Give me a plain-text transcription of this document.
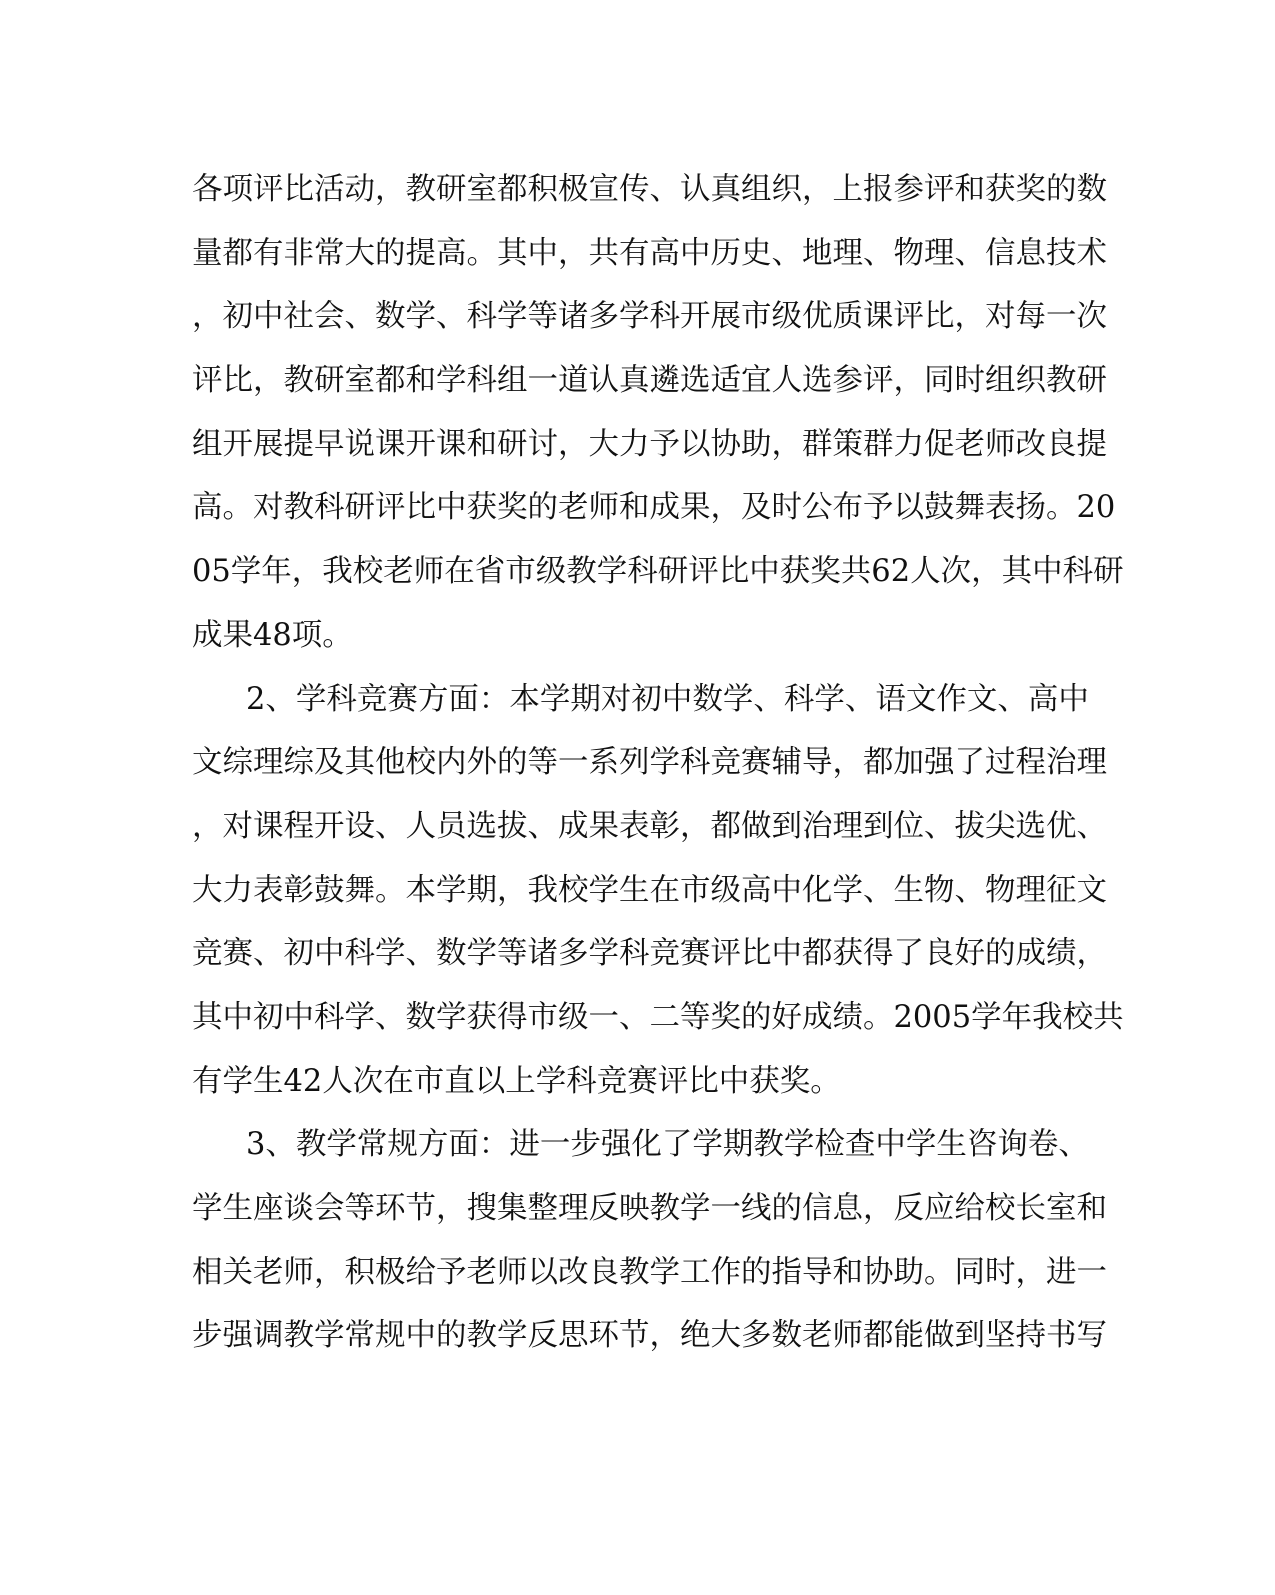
各项评比活动，教研室都积极宣传、认真组织，上报参评和获奖的数
量都有非常大的提高。其中，共有高中历史、地理、物理、信息技术
，初中社会、数学、科学等诸多学科开展市级优质课评比，对每一次
评比，教研室都和学科组一道认真遴选适宜人选参评，同时组织教研
组开展提早说课开课和研讨，大力予以协助，群策群力促老师改良提
高。对教科研评比中获奖的老师和成果，及时公布予以鼓舞表扬。20
05学年，我校老师在省市级教学科研评比中获奖共62人次，其中科研
成果48项。
2、学科竞赛方面：本学期对初中数学、科学、语文作文、高中
文综理综及其他校内外的等一系列学科竞赛辅导，都加强了过程治理
，对课程开设、人员选拔、成果表彰，都做到治理到位、拔尖选优、
大力表彰鼓舞。本学期，我校学生在市级高中化学、生物、物理征文
竞赛、初中科学、数学等诸多学科竞赛评比中都获得了良好的成绩，
其中初中科学、数学获得市级一、二等奖的好成绩。2005学年我校共
有学生42人次在市直以上学科竞赛评比中获奖。
3、教学常规方面：进一步强化了学期教学检查中学生咨询卷、
学生座谈会等环节，搜集整理反映教学一线的信息，反应给校长室和
相关老师，积极给予老师以改良教学工作的指导和协助。同时，进一
步强调教学常规中的教学反思环节，绝大多数老师都能做到坚持书写
